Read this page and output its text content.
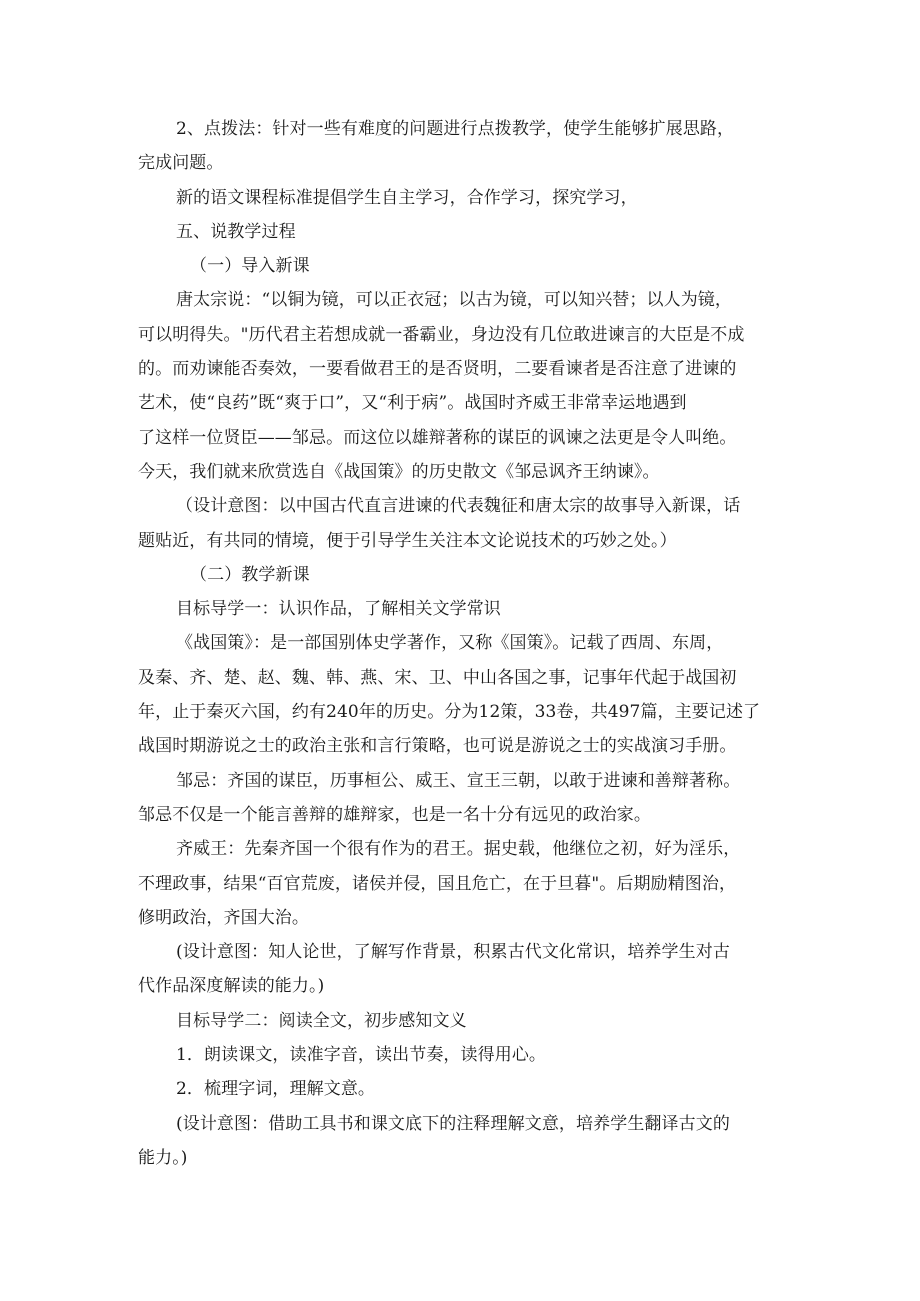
2、点拨法：针对一些有难度的问题进行点拨教学，使学生能够扩展思路，

完成问题。

新的语文课程标准提倡学生自主学习，合作学习，探究学习，

五、说教学过程

（一）导入新课

唐太宗说：“以铜为镜，可以正衣冠；以古为镜，可以知兴替；以人为镜，

可以明得失。"历代君主若想成就一番霸业，身边没有几位敢进谏言的大臣是不成

的。而劝谏能否奏效，一要看做君王的是否贤明，二要看谏者是否注意了进谏的

艺术，使“良药”既“爽于口”，又“利于病”。战国时齐威王非常幸运地遇到

了这样一位贤臣——邹忌。而这位以雄辩著称的谋臣的讽谏之法更是令人叫绝。

今天，我们就来欣赏选自《战国策》的历史散文《邹忌讽齐王纳谏》。

（设计意图：以中国古代直言进谏的代表魏征和唐太宗的故事导入新课，话

题贴近，有共同的情境，便于引导学生关注本文论说技术的巧妙之处。）

（二）教学新课

目标导学一：认识作品，了解相关文学常识

《战国策》：是一部国别体史学著作，又称《国策》。记载了西周、东周，

及秦、齐、楚、赵、魏、韩、燕、宋、卫、中山各国之事，记事年代起于战国初

年，止于秦灭六国，约有240年的历史。分为12策，33卷，共497篇，主要记述了

战国时期游说之士的政治主张和言行策略，也可说是游说之士的实战演习手册。

邹忌：齐国的谋臣，历事桓公、威王、宣王三朝，以敢于进谏和善辩著称。

邹忌不仅是一个能言善辩的雄辩家，也是一名十分有远见的政治家。

齐威王：先秦齐国一个很有作为的君王。据史载，他继位之初，好为淫乐，

不理政事，结果“百官荒废，诸侯并侵，国且危亡，在于旦暮"。后期励精图治，

修明政治，齐国大治。

(设计意图：知人论世，了解写作背景，积累古代文化常识，培养学生对古

代作品深度解读的能力。)

目标导学二：阅读全文，初步感知文义

1．朗读课文，读准字音，读出节奏，读得用心。

2．梳理字词，理解文意。

(设计意图：借助工具书和课文底下的注释理解文意，培养学生翻译古文的

能力。)
